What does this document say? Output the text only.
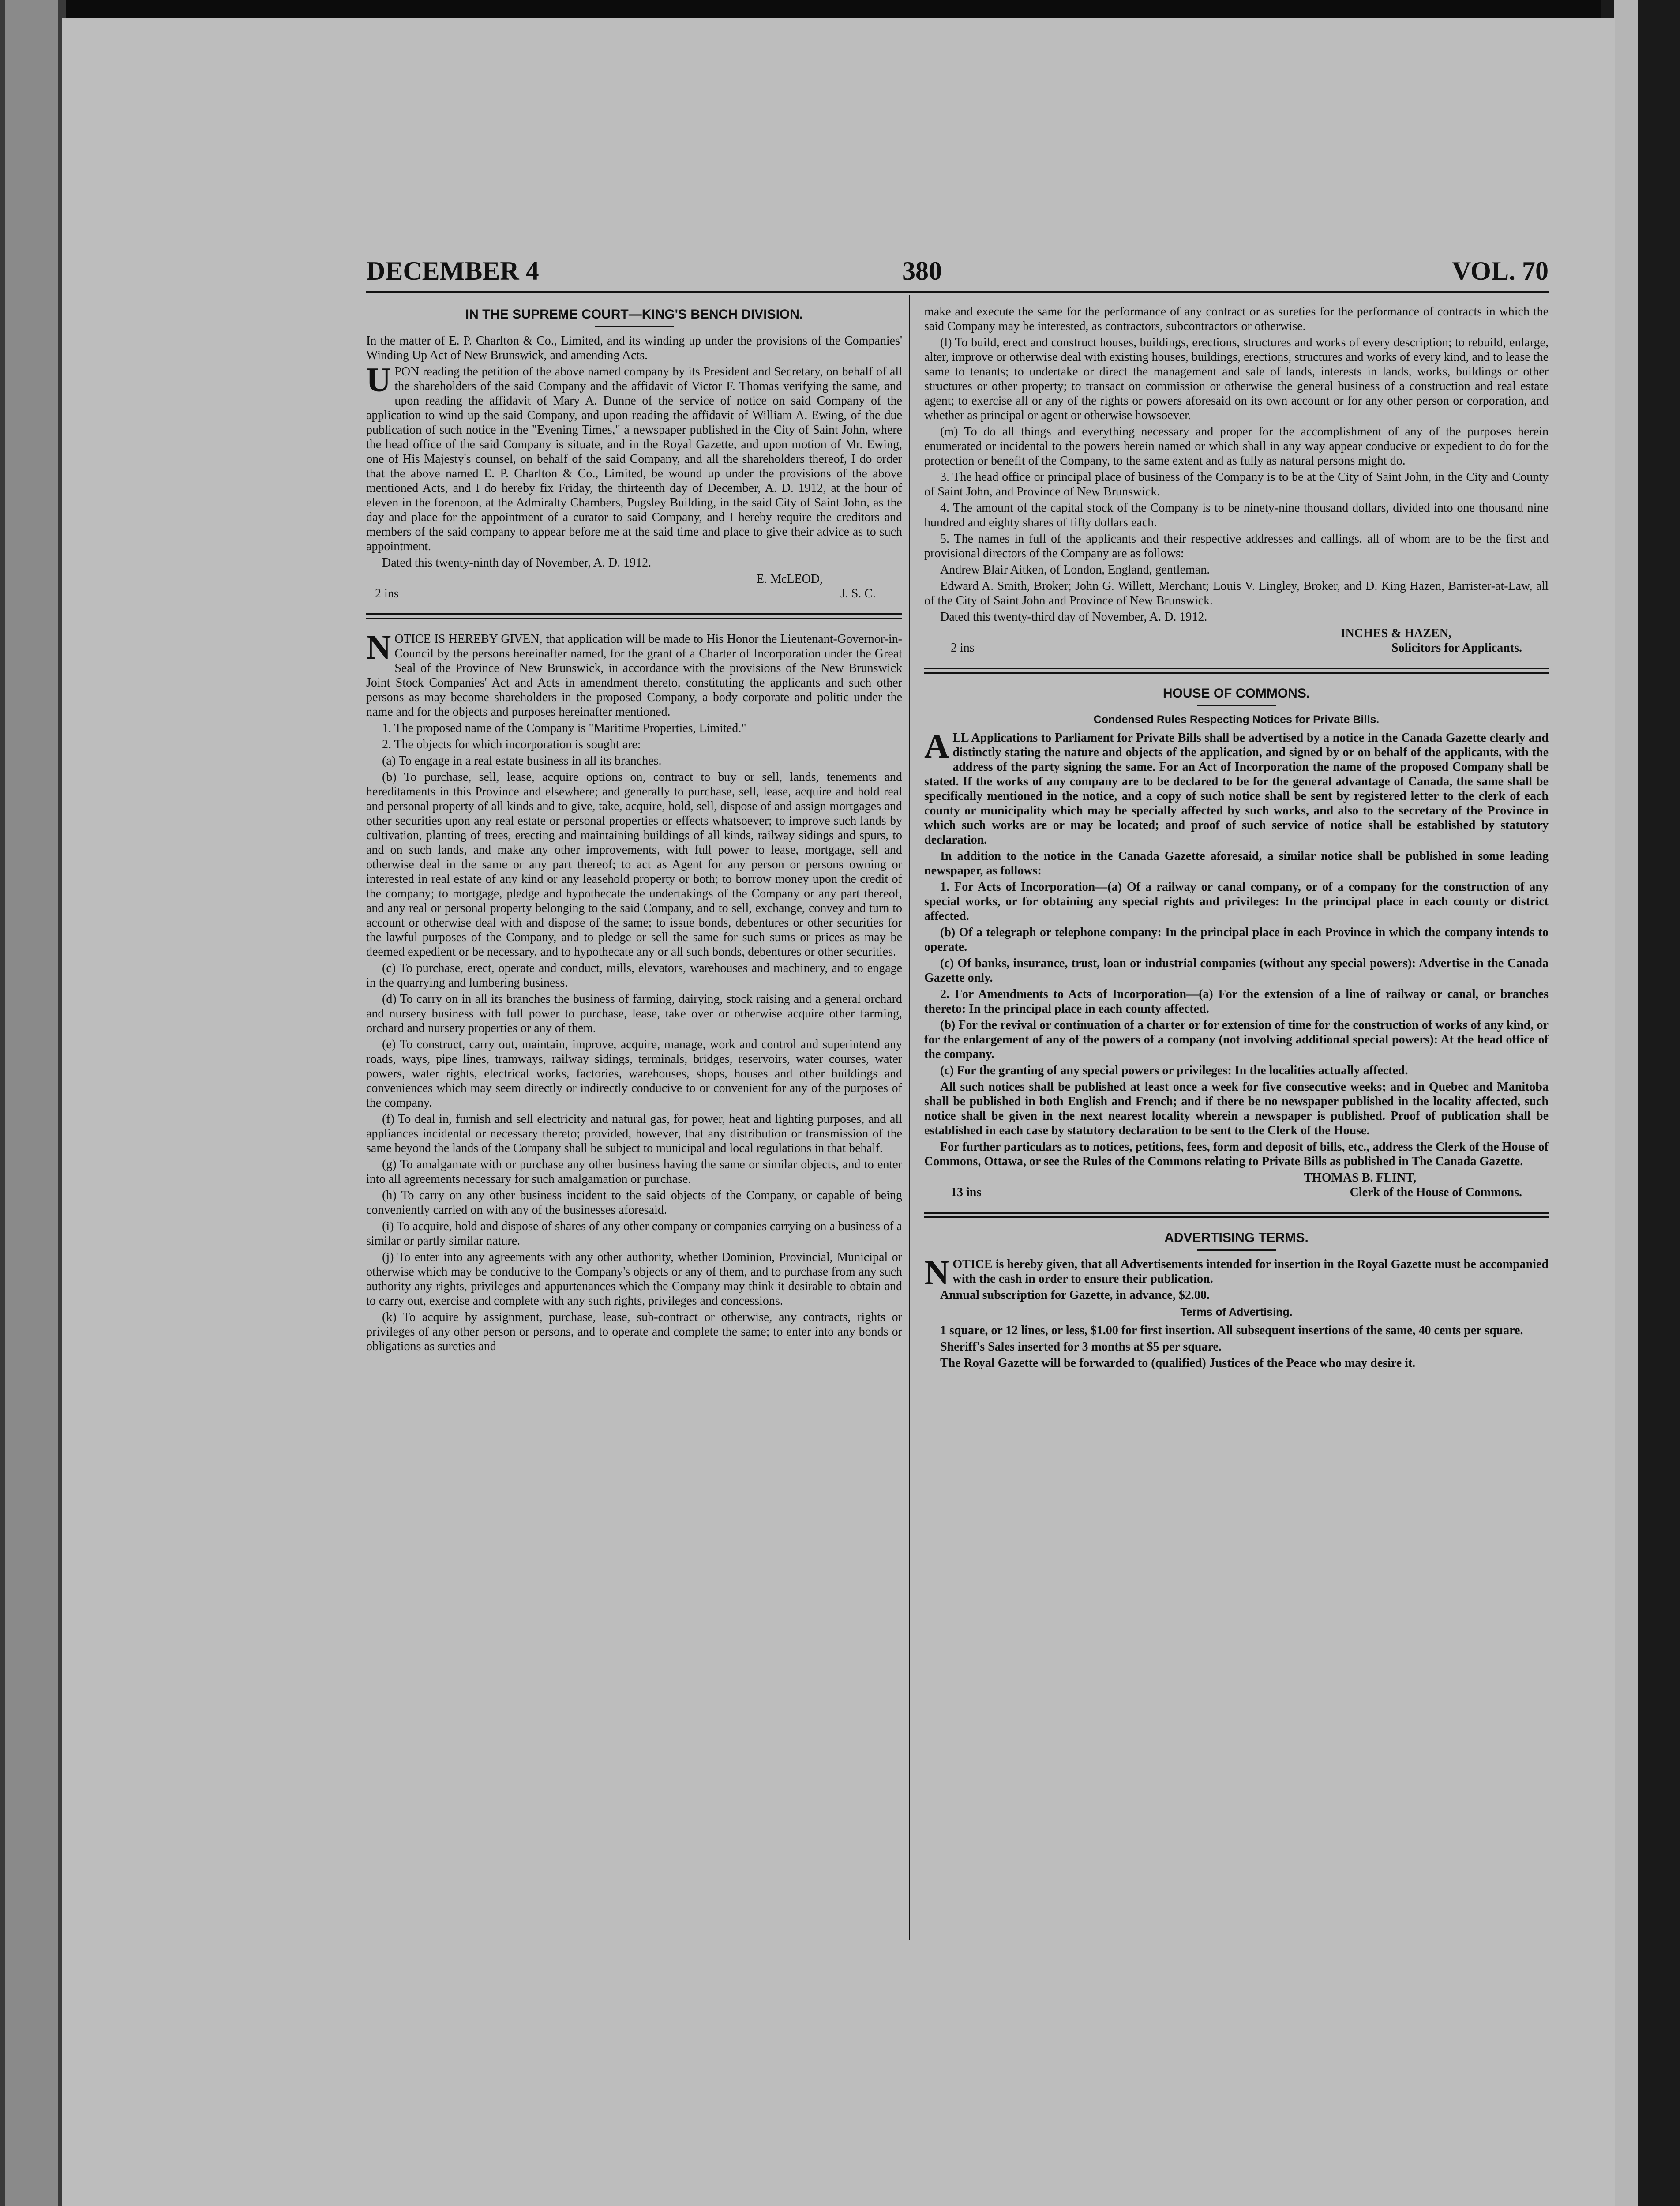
DECEMBER 4	380	VOL. 70
IN THE SUPREME COURT—KING'S BENCH DIVISION.

In the matter of E. P. Charlton & Co., Limited, and its winding up under the provisions of the Companies' Winding Up Act of New Brunswick, and amending Acts.

UPON reading the petition of the above named company by its President and Secretary, on behalf of all the shareholders of the said Company and the affidavit of Victor F. Thomas verifying the same, and upon reading the affidavit of Mary A. Dunne of the service of notice on said Company of the application to wind up the said Company, and upon reading the affidavit of William A. Ewing, of the due publication of such notice in the "Evening Times," a newspaper published in the City of Saint John, where the head office of the said Company is situate, and in the Royal Gazette, and upon motion of Mr. Ewing, one of His Majesty's counsel, on behalf of the said Company, and all the shareholders thereof, I do order that the above named E. P. Charlton & Co., Limited, be wound up under the provisions of the above mentioned Acts, and I do hereby fix Friday, the thirteenth day of December, A. D. 1912, at the hour of eleven in the forenoon, at the Admiralty Chambers, Pugsley Building, in the said City of Saint John, as the day and place for the appointment of a curator to said Company, and I hereby require the creditors and members of the said company to appear before me at the said time and place to give their advice as to such appointment.

Dated this twenty-ninth day of November, A. D. 1912.

E. McLEOD,
2 ins	J. S. C.

NOTICE IS HEREBY GIVEN, that application will be made to His Honor the Lieutenant-Governor-in-Council by the persons hereinafter named, for the grant of a Charter of Incorporation under the Great Seal of the Province of New Brunswick, in accordance with the provisions of the New Brunswick Joint Stock Companies' Act and Acts in amendment thereto, constituting the applicants and such other persons as may become shareholders in the proposed Company, a body corporate and politic under the name and for the objects and purposes hereinafter mentioned.

1. The proposed name of the Company is "Maritime Properties, Limited."

2. The objects for which incorporation is sought are:

(a) To engage in a real estate business in all its branches.

(b) To purchase, sell, lease, acquire options on, contract to buy or sell, lands, tenements and hereditaments in this Province and elsewhere; and generally to purchase, sell, lease, acquire and hold real and personal property of all kinds and to give, take, acquire, hold, sell, dispose of and assign mortgages and other securities upon any real estate or personal properties or effects whatsoever; to improve such lands by cultivation, planting of trees, erecting and maintaining buildings of all kinds, railway sidings and spurs, to and on such lands, and make any other improvements, with full power to lease, mortgage, sell and otherwise deal in the same or any part thereof; to act as Agent for any person or persons owning or interested in real estate of any kind or any leasehold property or both; to borrow money upon the credit of the company; to mortgage, pledge and hypothecate the undertakings of the Company or any part thereof, and any real or personal property belonging to the said Company, and to sell, exchange, convey and turn to account or otherwise deal with and dispose of the same; to issue bonds, debentures or other securities for the lawful purposes of the Company, and to pledge or sell the same for such sums or prices as may be deemed expedient or be necessary, and to hypothecate any or all such bonds, debentures or other securities.

(c) To purchase, erect, operate and conduct, mills, elevators, warehouses and machinery, and to engage in the quarrying and lumbering business.

(d) To carry on in all its branches the business of farming, dairying, stock raising and a general orchard and nursery business with full power to purchase, lease, take over or otherwise acquire other farming, orchard and nursery properties or any of them.

(e) To construct, carry out, maintain, improve, acquire, manage, work and control and superintend any roads, ways, pipe lines, tramways, railway sidings, terminals, bridges, reservoirs, water courses, water powers, water rights, electrical works, factories, warehouses, shops, houses and other buildings and conveniences which may seem directly or indirectly conducive to or convenient for any of the purposes of the company.

(f) To deal in, furnish and sell electricity and natural gas, for power, heat and lighting purposes, and all appliances incidental or necessary thereto; provided, however, that any distribution or transmission of the same beyond the lands of the Company shall be subject to municipal and local regulations in that behalf.

(g) To amalgamate with or purchase any other business having the same or similar objects, and to enter into all agreements necessary for such amalgamation or purchase.

(h) To carry on any other business incident to the said objects of the Company, or capable of being conveniently carried on with any of the businesses aforesaid.

(i) To acquire, hold and dispose of shares of any other company or companies carrying on a business of a similar or partly similar nature.

(j) To enter into any agreements with any other authority, whether Dominion, Provincial, Municipal or otherwise which may be conducive to the Company's objects or any of them, and to purchase from any such authority any rights, privileges and appurtenances which the Company may think it desirable to obtain and to carry out, exercise and complete with any such rights, privileges and concessions.

(k) To acquire by assignment, purchase, lease, sub-contract or otherwise, any contracts, rights or privileges of any other person or persons, and to operate and complete the same; to enter into any bonds or obligations as sureties and

make and execute the same for the performance of any contract or as sureties for the performance of contracts in which the said Company may be interested, as contractors, subcontractors or otherwise.

(l) To build, erect and construct houses, buildings, erections, structures and works of every description; to rebuild, enlarge, alter, improve or otherwise deal with existing houses, buildings, erections, structures and works of every kind, and to lease the same to tenants; to undertake or direct the management and sale of lands, interests in lands, works, buildings or other structures or other property; to transact on commission or otherwise the general business of a construction and real estate agent; to exercise all or any of the rights or powers aforesaid on its own account or for any other person or corporation, and whether as principal or agent or otherwise howsoever.

(m) To do all things and everything necessary and proper for the accomplishment of any of the purposes herein enumerated or incidental to the powers herein named or which shall in any way appear conducive or expedient to do for the protection or benefit of the Company, to the same extent and as fully as natural persons might do.

3. The head office or principal place of business of the Company is to be at the City of Saint John, in the City and County of Saint John, and Province of New Brunswick.

4. The amount of the capital stock of the Company is to be ninety-nine thousand dollars, divided into one thousand nine hundred and eighty shares of fifty dollars each.

5. The names in full of the applicants and their respective addresses and callings, all of whom are to be the first and provisional directors of the Company are as follows:

Andrew Blair Aitken, of London, England, gentleman.

Edward A. Smith, Broker; John G. Willett, Merchant; Louis V. Lingley, Broker, and D. King Hazen, Barrister-at-Law, all of the City of Saint John and Province of New Brunswick.

Dated this twenty-third day of November, A. D. 1912.

INCHES & HAZEN,
2 ins	Solicitors for Applicants.
HOUSE OF COMMONS.
Condensed Rules Respecting Notices for Private Bills.

ALL Applications to Parliament for Private Bills shall be advertised by a notice in the Canada Gazette clearly and distinctly stating the nature and objects of the application, and signed by or on behalf of the applicants, with the address of the party signing the same. For an Act of Incorporation the name of the proposed Company shall be stated. If the works of any company are to be declared to be for the general advantage of Canada, the same shall be specifically mentioned in the notice, and a copy of such notice shall be sent by registered letter to the clerk of each county or municipality which may be specially affected by such works, and also to the secretary of the Province in which such works are or may be located; and proof of such service of notice shall be established by statutory declaration.

In addition to the notice in the Canada Gazette aforesaid, a similar notice shall be published in some leading newspaper, as follows:

1. For Acts of Incorporation—(a) Of a railway or canal company, or of a company for the construction of any special works, or for obtaining any special rights and privileges: In the principal place in each county or district affected.

(b) Of a telegraph or telephone company: In the principal place in each Province in which the company intends to operate.

(c) Of banks, insurance, trust, loan or industrial companies (without any special powers): Advertise in the Canada Gazette only.

2. For Amendments to Acts of Incorporation—(a) For the extension of a line of railway or canal, or branches thereto: In the principal place in each county affected.

(b) For the revival or continuation of a charter or for extension of time for the construction of works of any kind, or for the enlargement of any of the powers of a company (not involving additional special powers): At the head office of the company.

(c) For the granting of any special powers or privileges: In the localities actually affected.

All such notices shall be published at least once a week for five consecutive weeks; and in Quebec and Manitoba shall be published in both English and French; and if there be no newspaper published in the locality affected, such notice shall be given in the next nearest locality wherein a newspaper is published. Proof of publication shall be established in each case by statutory declaration to be sent to the Clerk of the House.

For further particulars as to notices, petitions, fees, form and deposit of bills, etc., address the Clerk of the House of Commons, Ottawa, or see the Rules of the Commons relating to Private Bills as published in The Canada Gazette.

THOMAS B. FLINT,
13 ins	Clerk of the House of Commons.
ADVERTISING TERMS.

NOTICE is hereby given, that all Advertisements intended for insertion in the Royal Gazette must be accompanied with the cash in order to ensure their publication.

Annual subscription for Gazette, in advance, $2.00.

Terms of Advertising.

1 square, or 12 lines, or less, $1.00 for first insertion. All subsequent insertions of the same, 40 cents per square.

Sheriff's Sales inserted for 3 months at $5 per square.

The Royal Gazette will be forwarded to (qualified) Justices of the Peace who may desire it.
